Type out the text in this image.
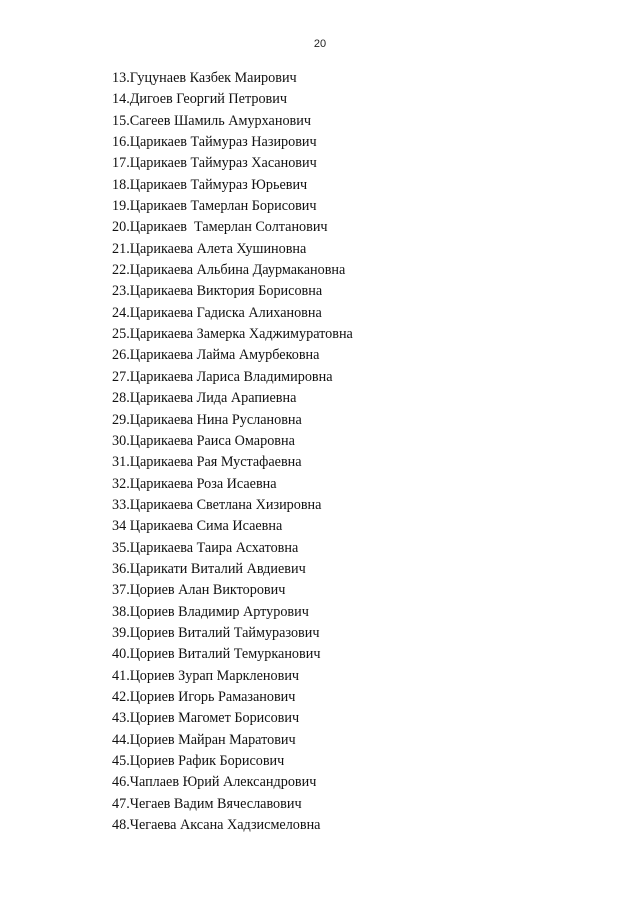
20
13.Гуцунаев Казбек Маирович
14.Дигоев Георгий Петрович
15.Сагеев Шамиль Амурханович
16.Царикаев Таймураз Назирович
17.Царикаев Таймураз Хасанович
18.Царикаев Таймураз Юрьевич
19.Царикаев Тамерлан Борисович
20.Царикаев  Тамерлан Солтанович
21.Царикаева Алета Хушиновна
22.Царикаева Альбина Даурмакановна
23.Царикаева Виктория Борисовна
24.Царикаева Гадиска Алихановна
25.Царикаева Замерка Хаджимуратовна
26.Царикаева Лайма Амурбековна
27.Царикаева Лариса Владимировна
28.Царикаева Лида Арапиевна
29.Царикаева Нина Руслановна
30.Царикаева Раиса Омаровна
31.Царикаева Рая Мустафаевна
32.Царикаева Роза Исаевна
33.Царикаева Светлана Хизировна
34 Царикаева Сима Исаевна
35.Царикаева Таира Асхатовна
36.Царикати Виталий Авдиевич
37.Цориев Алан Викторович
38.Цориев Владимир Артурович
39.Цориев Виталий Таймуразович
40.Цориев Виталий Темурканович
41.Цориев Зурап Маркленович
42.Цориев Игорь Рамазанович
43.Цориев Магомет Борисович
44.Цориев Майран Маратович
45.Цориев Рафик Борисович
46.Чаплаев Юрий Александрович
47.Чегаев Вадим Вячеславович
48.Чегаева Аксана Хадзисмеловна
